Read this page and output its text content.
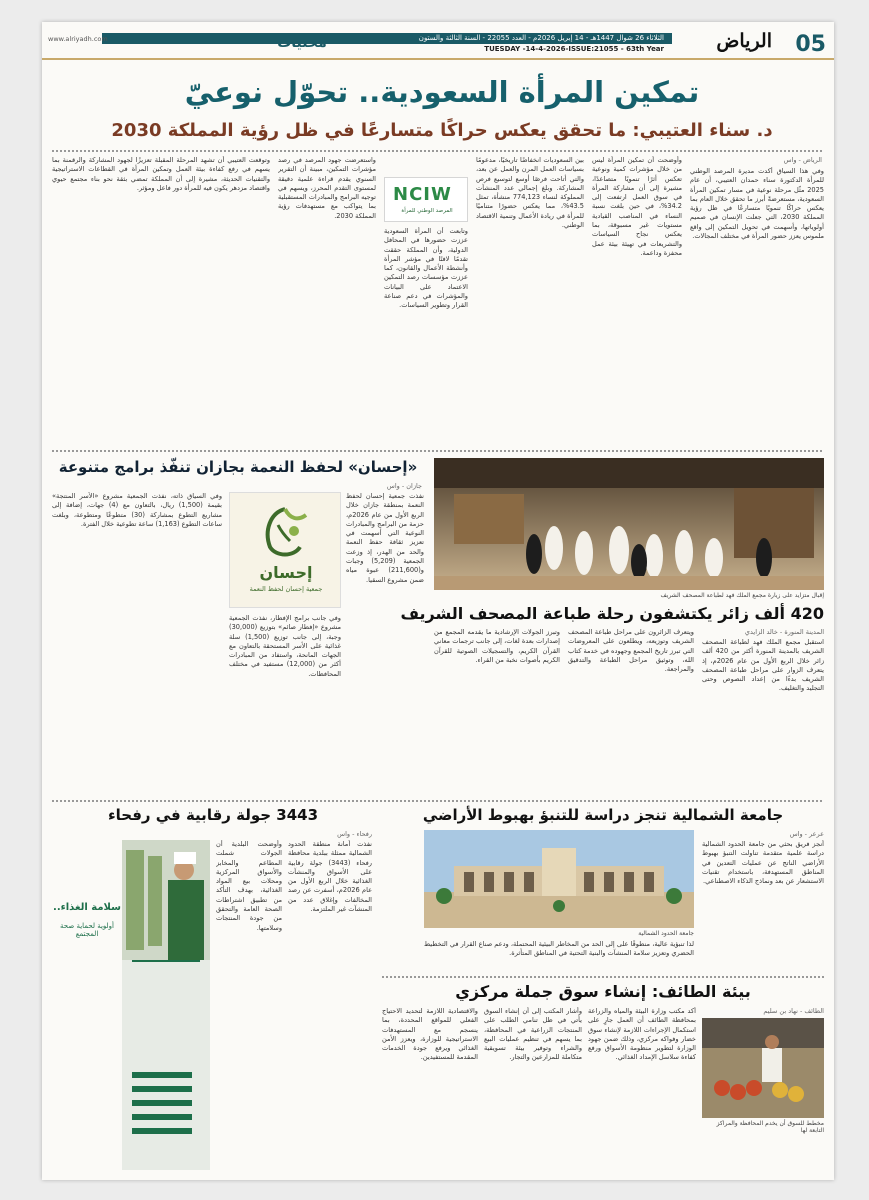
05
الرياض
الثلاثاء 26 شوال 1447هـ - 14 إبريل 2026م - العدد 22055 - السنة الثالثة والستون
TUESDAY -14-4-2026-ISSUE:21055 - 63th Year
محليات
www.alriyadh.com
تمكين المرأة السعودية.. تحوّل نوعيّ
د. سناء العتيبي: ما تحقق يعكس حراكًا متسارعًا في ظل رؤية المملكة 2030
الرياض - واس
وفي هذا السياق أكدت مديرة المرصد الوطني للمرأة الدكتورة سناء حمدان العتيبي، أن عام 2025 مثّل مرحلة نوعية في مسار تمكين المرأة السعودية، مستعرضةً أبرز ما تحقق خلال العام بما يعكس حراكًا تنمويًا متسارعًا في ظل رؤية المملكة 2030، التي جعلت الإنسان في صميم أولوياتها، وأسهمت في تحويل التمكين إلى واقع ملموس يعزز حضور المرأة في مختلف المجالات.
وأوضحت أن تمكين المرأة ليس من خلال مؤشرات كمية ونوعية تعكس أثرًا تنمويًا متصاعدًا، مشيرة إلى أن مشاركة المرأة في سوق العمل ارتفعت إلى 34.2%، في حين بلغت نسبة النساء في المناصب القيادية مستويات غير مسبوقة، بما يعكس نجاح السياسات والتشريعات في تهيئة بيئة عمل محفزة وداعمة.
بين السعوديات انخفاضًا تاريخيًا، مدعومًا بسياسات العمل المرن والعمل عن بعد، والتي أتاحت فرصًا أوسع لتوسيع فرص المشاركة. وبلغ إجمالي عدد المنشآت المملوكة لنساء 774,123 منشأة، تمثل 43.5%، مما يعكس حضورًا متناميًا للمرأة في ريادة الأعمال وتنمية الاقتصاد الوطني.
NCIW
المرصد الوطني للمرأة
وتابعت أن المرأة السعودية عززت حضورها في المحافل الدولية، وأن المملكة حققت تقدمًا لافتًا في مؤشر المرأة وأنشطة الأعمال والقانون، كما عززت مؤسسات رصد التمكين الاعتماد على البيانات والمؤشرات في دعم صناعة القرار وتطوير السياسات.
واستعرضت جهود المرصد في رصد مؤشرات التمكين، مبينة أن التقرير السنوي يقدم قراءة علمية دقيقة لمستوى التقدم المحرز، ويسهم في توجيه البرامج والمبادرات المستقبلية بما يتواكب مع مستهدفات رؤية المملكة 2030.
وتوقعت العتيبي أن تشهد المرحلة المقبلة تعزيزًا لجهود المشاركة والرقمنة بما يسهم في رفع كفاءة بيئة العمل وتمكين المرأة في القطاعات الاستراتيجية والتقنيات الحديثة، مشيرة إلى أن المملكة تمضي بثقة نحو بناء مجتمع حيوي واقتصاد مزدهر يكون فيه للمرأة دور فاعل ومؤثر.
«إحسان» لحفظ النعمة بجازان تنفّذ برامج متنوعة
جازان - واس
نفذت جمعية إحسان لحفظ النعمة بمنطقة جازان خلال الربع الأول من عام 2026م، حزمة من البرامج والمبادرات النوعية التي أسهمت في تعزيز ثقافة حفظ النعمة والحد من الهدر، إذ وزعت الجمعية (5,209) وجبات و(211,600) عبوة مياه ضمن مشروع السقيا.
إحسان
جمعية إحسان لحفظ النعمة
وفي جانب برامج الإفطار، نفذت الجمعية مشروع «إفطار صائم» بتوزيع (30,000) وجبة، إلى جانب توزيع (1,500) سلة غذائية على الأسر المستحقة بالتعاون مع الجهات المانحة، واستفاد من المبادرات أكثر من (12,000) مستفيد في مختلف المحافظات.
وفي السياق ذاته، نفذت الجمعية مشروع «الأسر المنتجة» بقيمة (1,500) ريال، بالتعاون مع (4) جهات، إضافة إلى مشاريع التطوع بمشاركة (30) متطوعًا ومتطوعة، وبلغت ساعات التطوع (1,163) ساعة تطوعية خلال الفترة.
إقبال متزايد على زيارة مجمع الملك فهد لطباعة المصحف الشريف
420 ألف زائر يكتشفون رحلة طباعة المصحف الشريف
المدينة المنورة - خالد الزايدي
استقبل مجمع الملك فهد لطباعة المصحف الشريف بالمدينة المنورة أكثر من 420 ألف زائر خلال الربع الأول من عام 2026م، إذ يتعرف الزوار على مراحل طباعة المصحف الشريف بدءًا من إعداد النصوص وحتى التجليد والتغليف.
ويتعرف الزائرون على مراحل طباعة المصحف الشريف وتوزيعه، ويطلعون على المعروضات التي تبرز تاريخ المجمع وجهوده في خدمة كتاب الله، وتوثيق مراحل الطباعة والتدقيق والمراجعة.
وتبرز الجولات الإرشادية ما يقدمه المجمع من إصدارات بعدة لغات، إلى جانب ترجمات معاني القرآن الكريم، والتسجيلات الصوتية للقرآن الكريم بأصوات نخبة من القراء.
جامعة الشمالية تنجز دراسة للتنبؤ بهبوط الأراضي
عرعر - واس
أنجز فريق بحثي من جامعة الحدود الشمالية دراسة علمية متقدمة تناولت التنبؤ بهبوط الأراضي الناتج عن عمليات التعدين في المناطق المستهدفة، باستخدام تقنيات الاستشعار عن بعد ونماذج الذكاء الاصطناعي.
جامعة الحدود الشمالية
لذا تنبؤية عالية، منطوقًا على إلى الحد من المخاطر البيئية المحتملة، ودعم صناع القرار في التخطيط الحضري وتعزيز سلامة المنشآت والبنية التحتية في المناطق المتأثرة.
3443 جولة رقابية في رفحاء
رفحاء - واس
نفذت أمانة منطقة الحدود الشمالية ممثلة ببلدية محافظة رفحاء (3443) جولة رقابية على الأسواق والمنشآت الغذائية خلال الربع الأول من عام 2026م، أسفرت عن رصد المخالفات وإغلاق عدد من المنشآت غير الملتزمة.
وأوضحت البلدية أن الجولات شملت المطاعم والمخابز والأسواق المركزية ومحلات بيع المواد الغذائية، بهدف التأكد من تطبيق اشتراطات الصحة العامة والتحقق من جودة المنتجات وسلامتها.
سلامة الغذاء..
أولوية لحماية صحة المجتمع
بيئة الطائف: إنشاء سوق جملة مركزي
الطائف - نهاد بن سليم
مخطط للسوق أن يخدم المحافظة والمراكز التابعة لها
أكد مكتب وزارة البيئة والمياه والزراعة بمحافظة الطائف أن العمل جارٍ على استكمال الإجراءات اللازمة لإنشاء سوق خضار وفواكه مركزي، وذلك ضمن جهود الوزارة لتطوير منظومة الأسواق ورفع كفاءة سلاسل الإمداد الغذائي.
وأشار المكتب إلى أن إنشاء السوق يأتي في ظل تنامي الطلب على المنتجات الزراعية في المحافظة، بما يسهم في تنظيم عمليات البيع والشراء وتوفير بيئة تسويقية متكاملة للمزارعين والتجار.
والاقتصادية اللازمة لتحديد الاحتياج الفعلي للمواقع المحددة، بما ينسجم مع المستهدفات الاستراتيجية للوزارة، ويعزز الأمن الغذائي ويرفع جودة الخدمات المقدمة للمستفيدين.
